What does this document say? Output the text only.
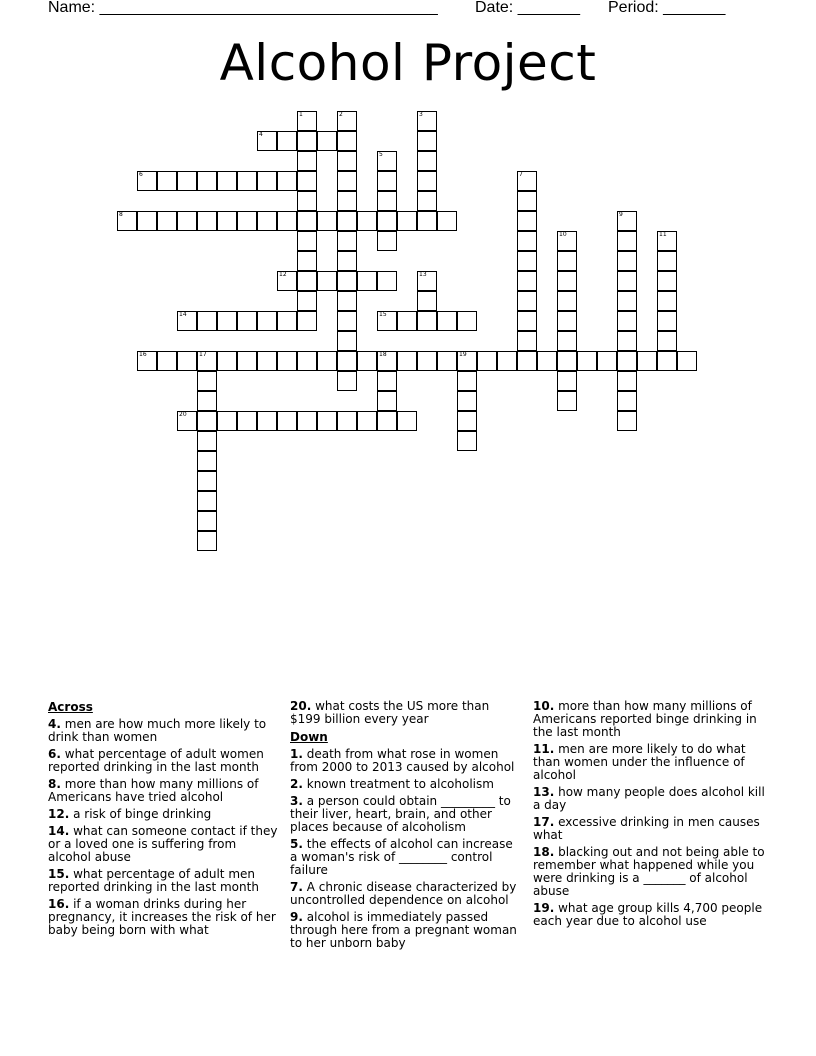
Name: ______________________________________ Date: _______ Period: _______
Alcohol Project
1	2	3
4
5
6	7
8	9
10	11
12	13
14	15
16	17	18	19
20
Across
4. men are how much more likely to drink than women
6. what percentage of adult women reported drinking in the last month
8. more than how many millions of Americans have tried alcohol
12. a risk of binge drinking
14. what can someone contact if they or a loved one is suffering from alcohol abuse
15. what percentage of adult men reported drinking in the last month
16. if a woman drinks during her pregnancy, it increases the risk of her baby being born with what
20. what costs the US more than $199 billion every year
Down
1. death from what rose in women from 2000 to 2013 caused by alcohol
2. known treatment to alcoholism
3. a person could obtain _________ to their liver, heart, brain, and other places because of alcoholism
5. the effects of alcohol can increase a woman's risk of ________ control failure
7. A chronic disease characterized by uncontrolled dependence on alcohol
9. alcohol is immediately passed through here from a pregnant woman to her unborn baby
10. more than how many millions of Americans reported binge drinking in the last month
11. men are more likely to do what than women under the influence of alcohol
13. how many people does alcohol kill a day
17. excessive drinking in men causes what
18. blacking out and not being able to remember what happened while you were drinking is a _______ of alcohol abuse
19. what age group kills 4,700 people each year due to alcohol use
